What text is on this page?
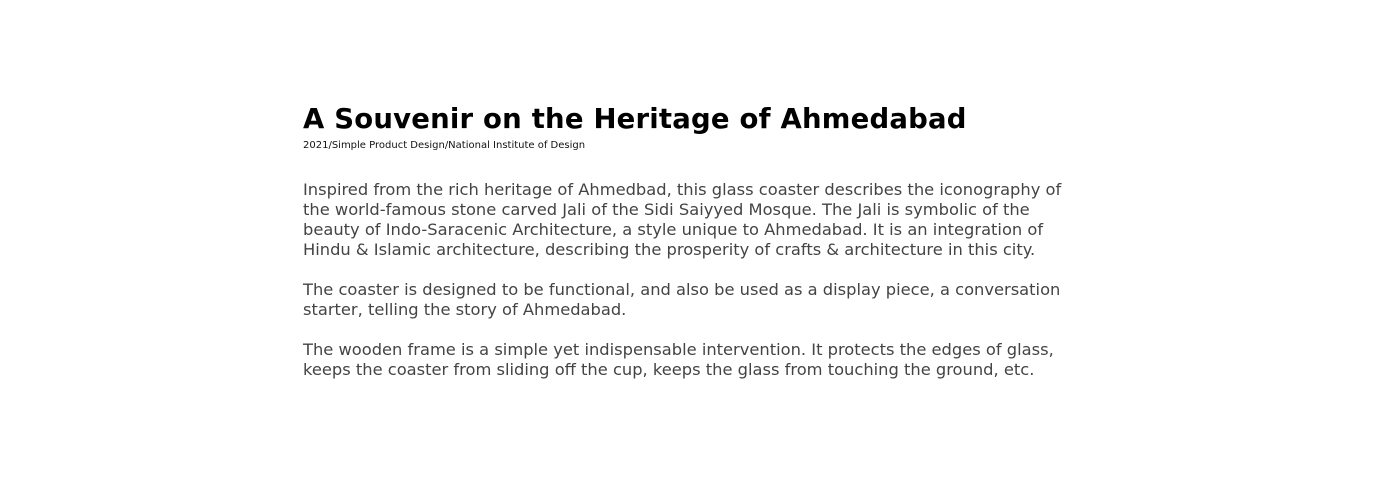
A Souvenir on the Heritage of Ahmedabad
2021/Simple Product Design/National Institute of Design
Inspired from the rich heritage of Ahmedbad, this glass coaster describes the iconography of
the world-famous stone carved Jali of the Sidi Saiyyed Mosque. The Jali is symbolic of the
beauty of Indo-Saracenic Architecture, a style unique to Ahmedabad. It is an integration of
Hindu & Islamic architecture, describing the prosperity of crafts & architecture in this city.
The coaster is designed to be functional, and also be used as a display piece, a conversation
starter, telling the story of Ahmedabad.
The wooden frame is a simple yet indispensable intervention. It protects the edges of glass,
keeps the coaster from sliding off the cup, keeps the glass from touching the ground, etc.
